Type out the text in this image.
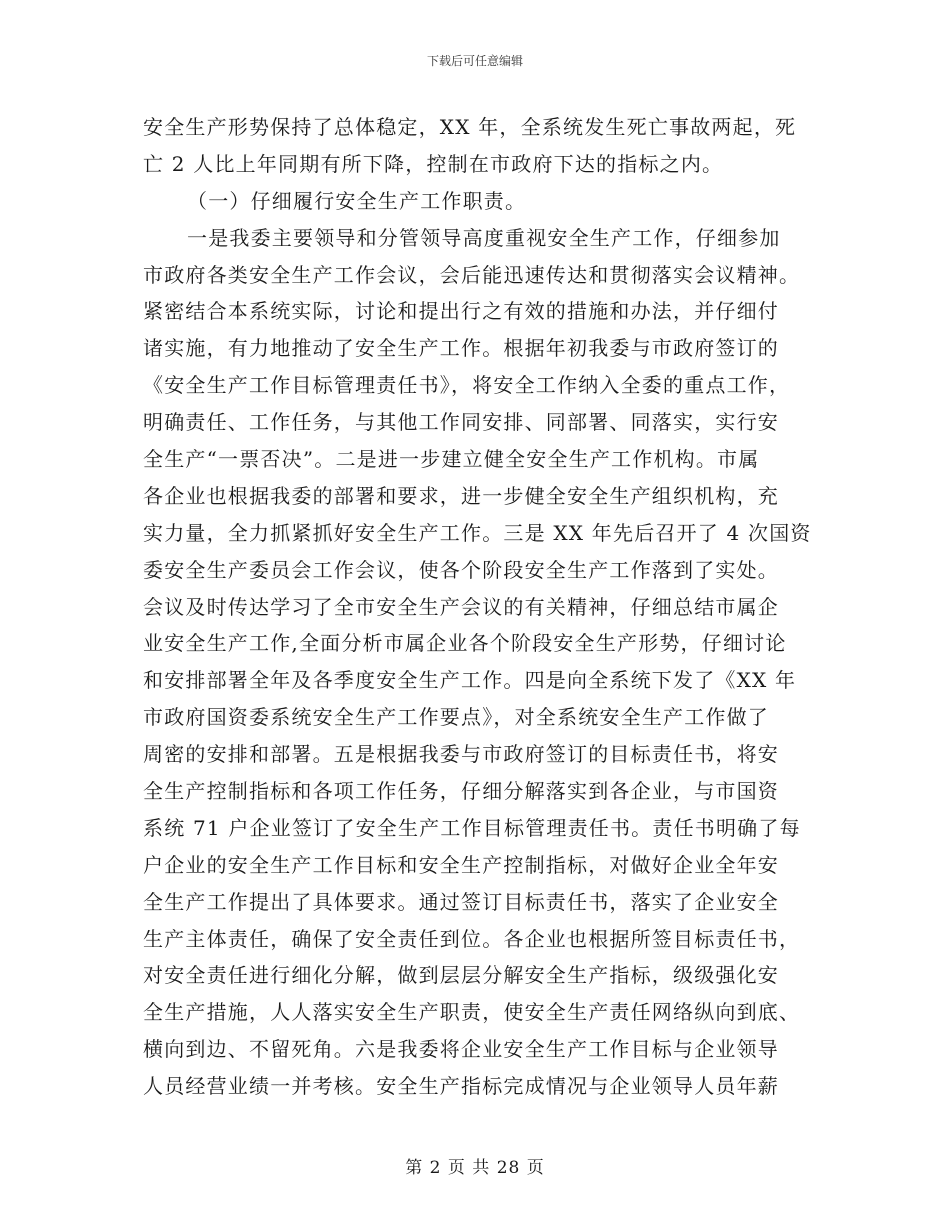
下载后可任意编辑
安全生产形势保持了总体稳定，XX 年，全系统发生死亡事故两起，死
亡 2 人比上年同期有所下降，控制在市政府下达的指标之内。
（一）仔细履行安全生产工作职责。
一是我委主要领导和分管领导高度重视安全生产工作，仔细参加
市政府各类安全生产工作会议，会后能迅速传达和贯彻落实会议精神。
紧密结合本系统实际，讨论和提出行之有效的措施和办法，并仔细付
诸实施，有力地推动了安全生产工作。根据年初我委与市政府签订的
《安全生产工作目标管理责任书》，将安全工作纳入全委的重点工作，
明确责任、工作任务，与其他工作同安排、同部署、同落实，实行安
全生产“一票否决”。二是进一步建立健全安全生产工作机构。市属
各企业也根据我委的部署和要求，进一步健全安全生产组织机构，充
实力量，全力抓紧抓好安全生产工作。三是 XX 年先后召开了 4 次国资
委安全生产委员会工作会议，使各个阶段安全生产工作落到了实处。
会议及时传达学习了全市安全生产会议的有关精神，仔细总结市属企
业安全生产工作,全面分析市属企业各个阶段安全生产形势，仔细讨论
和安排部署全年及各季度安全生产工作。四是向全系统下发了《XX 年
市政府国资委系统安全生产工作要点》，对全系统安全生产工作做了
周密的安排和部署。五是根据我委与市政府签订的目标责任书，将安
全生产控制指标和各项工作任务，仔细分解落实到各企业，与市国资
系统 71 户企业签订了安全生产工作目标管理责任书。责任书明确了每
户企业的安全生产工作目标和安全生产控制指标，对做好企业全年安
全生产工作提出了具体要求。通过签订目标责任书，落实了企业安全
生产主体责任，确保了安全责任到位。各企业也根据所签目标责任书，
对安全责任进行细化分解，做到层层分解安全生产指标，级级强化安
全生产措施，人人落实安全生产职责，使安全生产责任网络纵向到底、
横向到边、不留死角。六是我委将企业安全生产工作目标与企业领导
人员经营业绩一并考核。安全生产指标完成情况与企业领导人员年薪
第 2 页 共 28 页
